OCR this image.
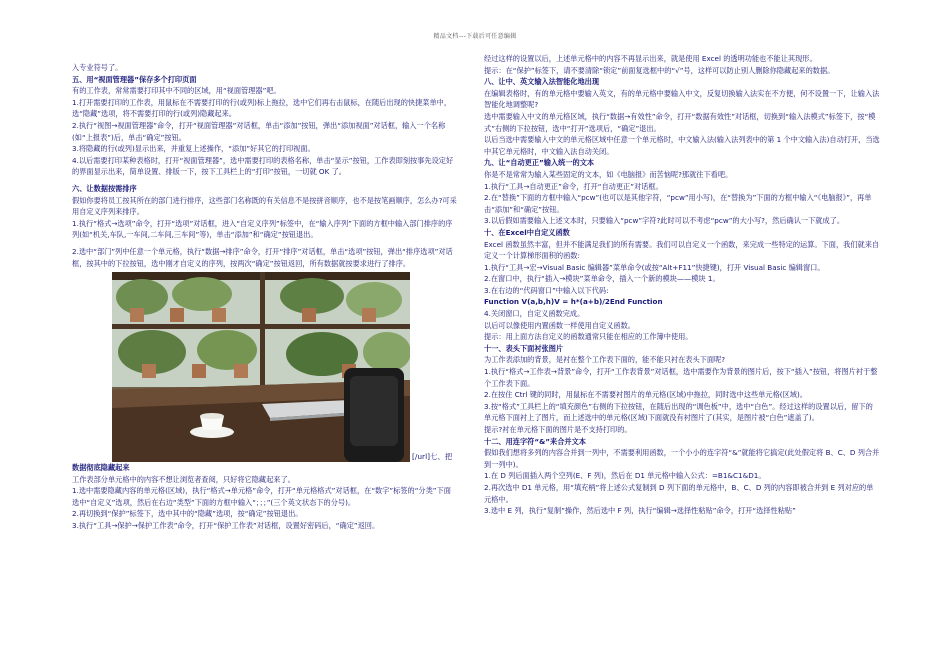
精品文档---下载后可任意编辑

入专业符号了。

五、用“视面管理器”保存多个打印页面

有的工作表，常常需要打印其中不同的区域，用“视面管理器”吧。

1.打开需要打印的工作表，用鼠标在不需要打印的行(或列)标上拖拉，选中它们再右击鼠标，在随后出现的快捷菜单中，选“隐藏”选项，将不需要打印的行(或列)隐藏起来。

2.执行“视图→视面管理器”命令，打开“视面管理器”对话框，单击“添加”按钮，弹出“添加视面”对话框，输入一个名称(如“上报表”)后，单击“确定”按钮。

3.将隐藏的行(或列)显示出来，并重复上述操作，“添加”好其它的打印视面。

4.以后需要打印某种表格时，打开“视面管理器”，选中需要打印的表格名称，单击“显示”按钮，工作表即刻按事先设定好的界面显示出来，简单设置、排版一下，按下工具栏上的“打印”按钮，一切就 OK 了。

六、让数据按需排序

假如你要将员工按其所在的部门进行排序，这些部门名称既的有关信息不是按拼音顺序，也不是按笔画顺序，怎么办?可采用自定义序列来排序。

1.执行“格式→选项”命令，打开“选项”对话框，进入“自定义序列”标签中，在“输入序列”下面的方框中输入部门排序的序列(如“机关,车队,一车间,二车间,三车间”等)，单击“添加”和“确定”按钮退出。

2.选中“部门”列中任意一个单元格，执行“数据→排序”命令，打开“排序”对话框，单击“选项”按钮，弹出“排序选项”对话框，按其中的下拉按钮，选中刚才自定义的序列，按两次“确定”按钮返回，所有数据就按要求进行了排序。

[/url]七、把

数据彻底隐藏起来

工作表部分单元格中的内容不想让浏览者查阅，只好将它隐藏起来了。

1.选中需要隐藏内容的单元格(区域)，执行“格式→单元格”命令，打开“单元格格式”对话框，在“数字”标签的“分类”下面选中“自定义”选项，然后在右边“类型”下面的方框中输入“；；；”(三个英文状态下的分号)。

2.再切换到“保护”标签下，选中其中的“隐藏”选项，按“确定”按钮退出。

3.执行“工具→保护→保护工作表”命令，打开“保护工作表”对话框，设置好密码后，“确定”返回。

经过这样的设置以后，上述单元格中的内容不再显示出来，就是使用 Excel 的透明功能也不能让其现形。

提示：在“保护”标签下，请不要清除“锁定”前面复选框中的“√”号，这样可以防止别人删除你隐藏起来的数据。

八、让中、英文输入法智能化地出现

在编辑表格时，有的单元格中要输入英文，有的单元格中要输入中文，反复切换输入法实在不方便，何不设置一下，让输入法智能化地调整呢?

选中需要输入中文的单元格区域，执行“数据→有效性”命令，打开“数据有效性”对话框，切换到“输入法模式”标签下，按“模式”右侧的下拉按钮，选中“打开”选项后，“确定”退出。

以后当选中需要输入中文的单元格区域中任意一个单元格时，中文输入法(输入法列表中的第 1 个中文输入法)自动打开，当选中其它单元格时，中文输入法自动关闭。

九、让“自动更正”输入统一的文本

你是不是常常为输入某些固定的文本，如《电脑报》而苦恼呢?那就往下看吧。

1.执行“工具→自动更正”命令，打开“自动更正”对话框。

2.在“替换”下面的方框中输入“pcw”(也可以是其他字符，“pcw”用小写)，在“替换为”下面的方框中输入“《电脑报》”，再单击“添加”和“确定”按钮。

3.以后假如需要输入上述文本时，只要输入“pcw”字符?此时可以不考虑“pcw”的大小写?，然后确认一下就成了。

十、在Excel中自定义函数

Excel 函数虽然丰富，但并不能满足我们的所有需要。我们可以自定义一个函数，来完成一些特定的运算。下面，我们就来自定义一个计算梯形面积的函数:

1.执行“工具→宏→Visual Basic 编辑器”菜单命令(或按“Alt+F11”快捷键)，打开 Visual Basic 编辑窗口。

2.在窗口中，执行“插入→模块”菜单命令，插入一个新的模块——模块 1。

3.在右边的“代码窗口”中输入以下代码:

Function V(a,b,h)V = h*(a+b)/2End Function

4.关闭窗口，自定义函数完成。

以后可以像使用内置函数一样使用自定义函数。

提示：用上面方法自定义的函数通常只能在相应的工作簿中使用。

十一、表头下面衬张图片

为工作表添加的背景，是衬在整个工作表下面的，能不能只衬在表头下面呢?

1.执行“格式→工作表→背景”命令，打开“工作表背景”对话框，选中需要作为背景的图片后，按下“插入”按钮，将图片衬于整个工作表下面。

2.在按住 Ctrl 键的同时，用鼠标在不需要衬图片的单元格(区域)中拖拉，同时选中这些单元格(区域)。

3.按“格式”工具栏上的“填充颜色”右侧的下拉按钮，在随后出现的“调色板”中，选中“白色”。经过这样的设置以后，留下的单元格下面衬上了图片，而上述选中的单元格(区域)下面就没有衬图片了(其实，是图片被“白色”遮盖了)。

提示?衬在单元格下面的图片是不支持打印的。

十二、用连字符“&”来合并文本

假如我们想将多列的内容合并到一列中，不需要利用函数，一个小小的连字符“&”就能将它搞定(此处假定将 B、C、D 列合并到一列中)。

1.在 D 列后面插入两个空列(E、F 列)，然后在 D1 单元格中输入公式：=B1&C1&D1。

2.再次选中 D1 单元格，用“填充柄”将上述公式复制到 D 列下面的单元格中，B、C、D 列的内容即被合并到 E 列对应的单元格中。

3.选中 E 列，执行“复制”操作，然后选中 F 列，执行“编辑→选择性粘贴”命令，打开“选择性粘贴”
